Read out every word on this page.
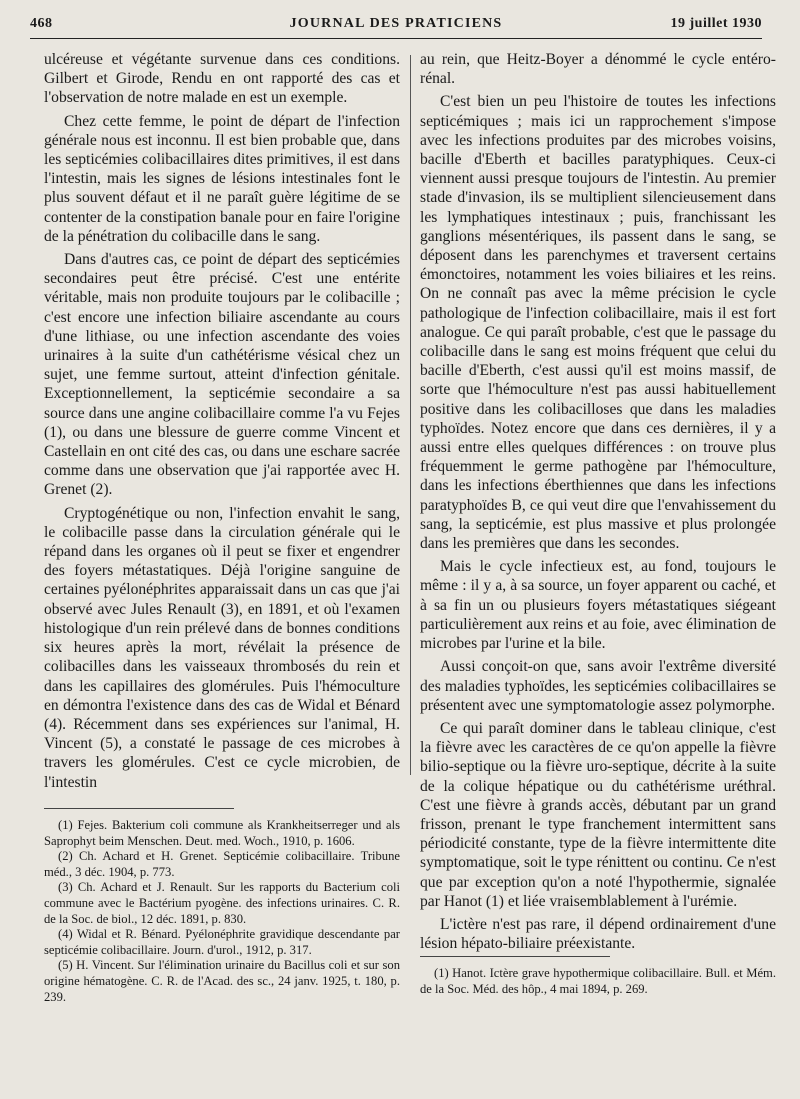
468	JOURNAL DES PRATICIENS	19 juillet 1930

ulcéreuse et végétante survenue dans ces conditions. Gilbert et Girode, Rendu en ont rapporté des cas et l'observation de notre malade en est un exemple.

Chez cette femme, le point de départ de l'infection générale nous est inconnu. Il est bien probable que, dans les septicémies colibacillaires dites primitives, il est dans l'intestin, mais les signes de lésions intestinales font le plus souvent défaut et il ne paraît guère légitime de se contenter de la constipation banale pour en faire l'origine de la pénétration du colibacille dans le sang.

Dans d'autres cas, ce point de départ des septicémies secondaires peut être précisé. C'est une entérite véritable, mais non produite toujours par le colibacille ; c'est encore une infection biliaire ascendante au cours d'une lithiase, ou une infection ascendante des voies urinaires à la suite d'un cathétérisme vésical chez un sujet, une femme surtout, atteint d'infection génitale. Exceptionnellement, la septicémie secondaire a sa source dans une angine colibacillaire comme l'a vu Fejes (1), ou dans une blessure de guerre comme Vincent et Castellain en ont cité des cas, ou dans une eschare sacrée comme dans une observation que j'ai rapportée avec H. Grenet (2).

Cryptogénétique ou non, l'infection envahit le sang, le colibacille passe dans la circulation générale qui le répand dans les organes où il peut se fixer et engendrer des foyers métastatiques. Déjà l'origine sanguine de certaines pyélonéphrites apparaissait dans un cas que j'ai observé avec Jules Renault (3), en 1891, et où l'examen histologique d'un rein prélevé dans de bonnes conditions six heures après la mort, révélait la présence de colibacilles dans les vaisseaux thrombosés du rein et dans les capillaires des glomérules. Puis l'hémoculture en démontra l'existence dans des cas de Widal et Bénard (4). Récemment dans ses expériences sur l'animal, H. Vincent (5), a constaté le passage de ces microbes à travers les glomérules. C'est ce cycle microbien, de l'intestin

au rein, que Heitz-Boyer a dénommé le cycle entéro-rénal.

C'est bien un peu l'histoire de toutes les infections septicémiques ; mais ici un rapprochement s'impose avec les infections produites par des microbes voisins, bacille d'Eberth et bacilles paratyphiques. Ceux-ci viennent aussi presque toujours de l'intestin. Au premier stade d'invasion, ils se multiplient silencieusement dans les lymphatiques intestinaux ; puis, franchissant les ganglions mésentériques, ils passent dans le sang, se déposent dans les parenchymes et traversent certains émonctoires, notamment les voies biliaires et les reins. On ne connaît pas avec la même précision le cycle pathologique de l'infection colibacillaire, mais il est fort analogue. Ce qui paraît probable, c'est que le passage du colibacille dans le sang est moins fréquent que celui du bacille d'Eberth, c'est aussi qu'il est moins massif, de sorte que l'hémoculture n'est pas aussi habituellement positive dans les colibacilloses que dans les maladies typhoïdes. Notez encore que dans ces dernières, il y a aussi entre elles quelques différences : on trouve plus fréquemment le germe pathogène par l'hémoculture, dans les infections éberthiennes que dans les infections paratyphoïdes B, ce qui veut dire que l'envahissement du sang, la septicémie, est plus massive et plus prolongée dans les premières que dans les secondes.

Mais le cycle infectieux est, au fond, toujours le même : il y a, à sa source, un foyer apparent ou caché, et à sa fin un ou plusieurs foyers métastatiques siégeant particulièrement aux reins et au foie, avec élimination de microbes par l'urine et la bile.

Aussi conçoit-on que, sans avoir l'extrême diversité des maladies typhoïdes, les septicémies colibacillaires se présentent avec une symptomatologie assez polymorphe.

Ce qui paraît dominer dans le tableau clinique, c'est la fièvre avec les caractères de ce qu'on appelle la fièvre bilio-septique ou la fièvre uro-septique, décrite à la suite de la colique hépatique ou du cathétérisme uréthral. C'est une fièvre à grands accès, débutant par un grand frisson, prenant le type franchement intermittent sans périodicité constante, type de la fièvre intermittente dite symptomatique, soit le type rénittent ou continu. Ce n'est que par exception qu'on a noté l'hypothermie, signalée par Hanot (1) et liée vraisemblablement à l'urémie.

L'ictère n'est pas rare, il dépend ordinairement d'une lésion hépato-biliaire préexistante.

(1) Fejes. Bakterium coli commune als Krankheitserreger und als Saprophyt beim Menschen. Deut. med. Woch., 1910, p. 1606.

(2) Ch. Achard et H. Grenet. Septicémie colibacillaire. Tribune méd., 3 déc. 1904, p. 773.

(3) Ch. Achard et J. Renault. Sur les rapports du Bacterium coli commune avec le Bactérium pyogène. des infections urinaires. C. R. de la Soc. de biol., 12 déc. 1891, p. 830.

(4) Widal et R. Bénard. Pyélonéphrite gravidique descendante par septicémie colibacillaire. Journ. d'urol., 1912, p. 317.

(5) H. Vincent. Sur l'élimination urinaire du Bacillus coli et sur son origine hématogène. C. R. de l'Acad. des sc., 24 janv. 1925, t. 180, p. 239.

(1) Hanot. Ictère grave hypothermique colibacillaire. Bull. et Mém. de la Soc. Méd. des hôp., 4 mai 1894, p. 269.
